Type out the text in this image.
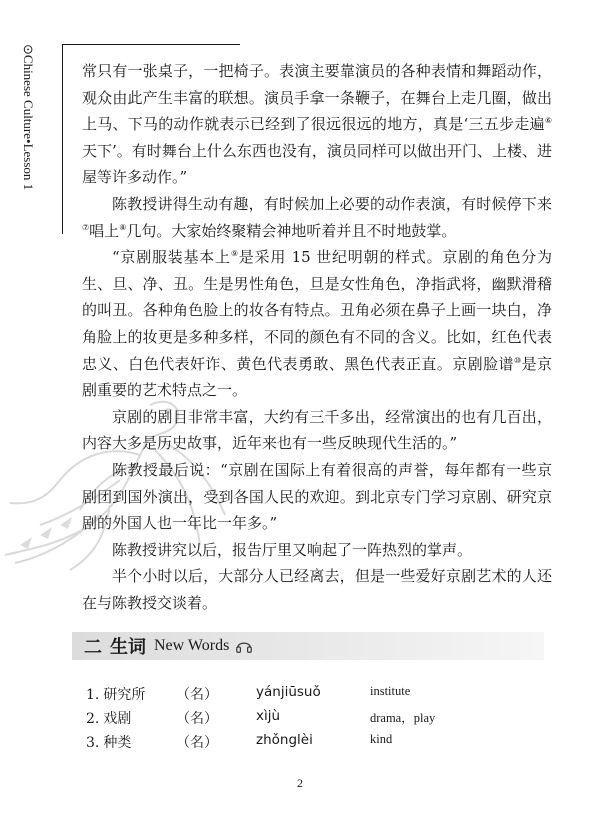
⊙Chinese Culture•Lesson 1	常只有一张桌子，一把椅子。表演主要靠演员的各种表情和舞蹈动作，观众由此产生丰富的联想。演员手拿一条鞭子，在舞台上走几圈，做出上马、下马的动作就表示已经到了很远很远的地方，真是‘三五步走遍⑥天下’。有时舞台上什么东西也没有，演员同样可以做出开门、上楼、进屋等许多动作。”

陈教授讲得生动有趣，有时候加上必要的动作表演，有时候停下来⑦唱上⑧几句。大家始终聚精会神地听着并且不时地鼓掌。

“京剧服装基本上⑨是采用 15 世纪明朝的样式。京剧的角色分为生、旦、净、丑。生是男性角色，旦是女性角色，净指武将，幽默滑稽的叫丑。各种角色脸上的妆各有特点。丑角必须在鼻子上画一块白，净角脸上的妆更是多种多样，不同的颜色有不同的含义。比如，红色代表忠义、白色代表奸诈、黄色代表勇敢、黑色代表正直。京剧脸谱⑩是京剧重要的艺术特点之一。

京剧的剧目非常丰富，大约有三千多出，经常演出的也有几百出，内容大多是历史故事，近年来也有一些反映现代生活的。”

陈教授最后说：“京剧在国际上有着很高的声誉，每年都有一些京剧团到国外演出，受到各国人民的欢迎。到北京专门学习京剧、研究京剧的外国人也一年比一年多。”

陈教授讲究以后，报告厅里又响起了一阵热烈的掌声。

半个小时以后，大部分人已经离去，但是一些爱好京剧艺术的人还在与陈教授交谈着。

二 生词 New Words
1. 研究所 （名）	yánjiūsuǒ	institute
2. 戏剧	（名）	xìjù	drama，play
3. 种类	（名）	zhǒnglèi	kind
2
